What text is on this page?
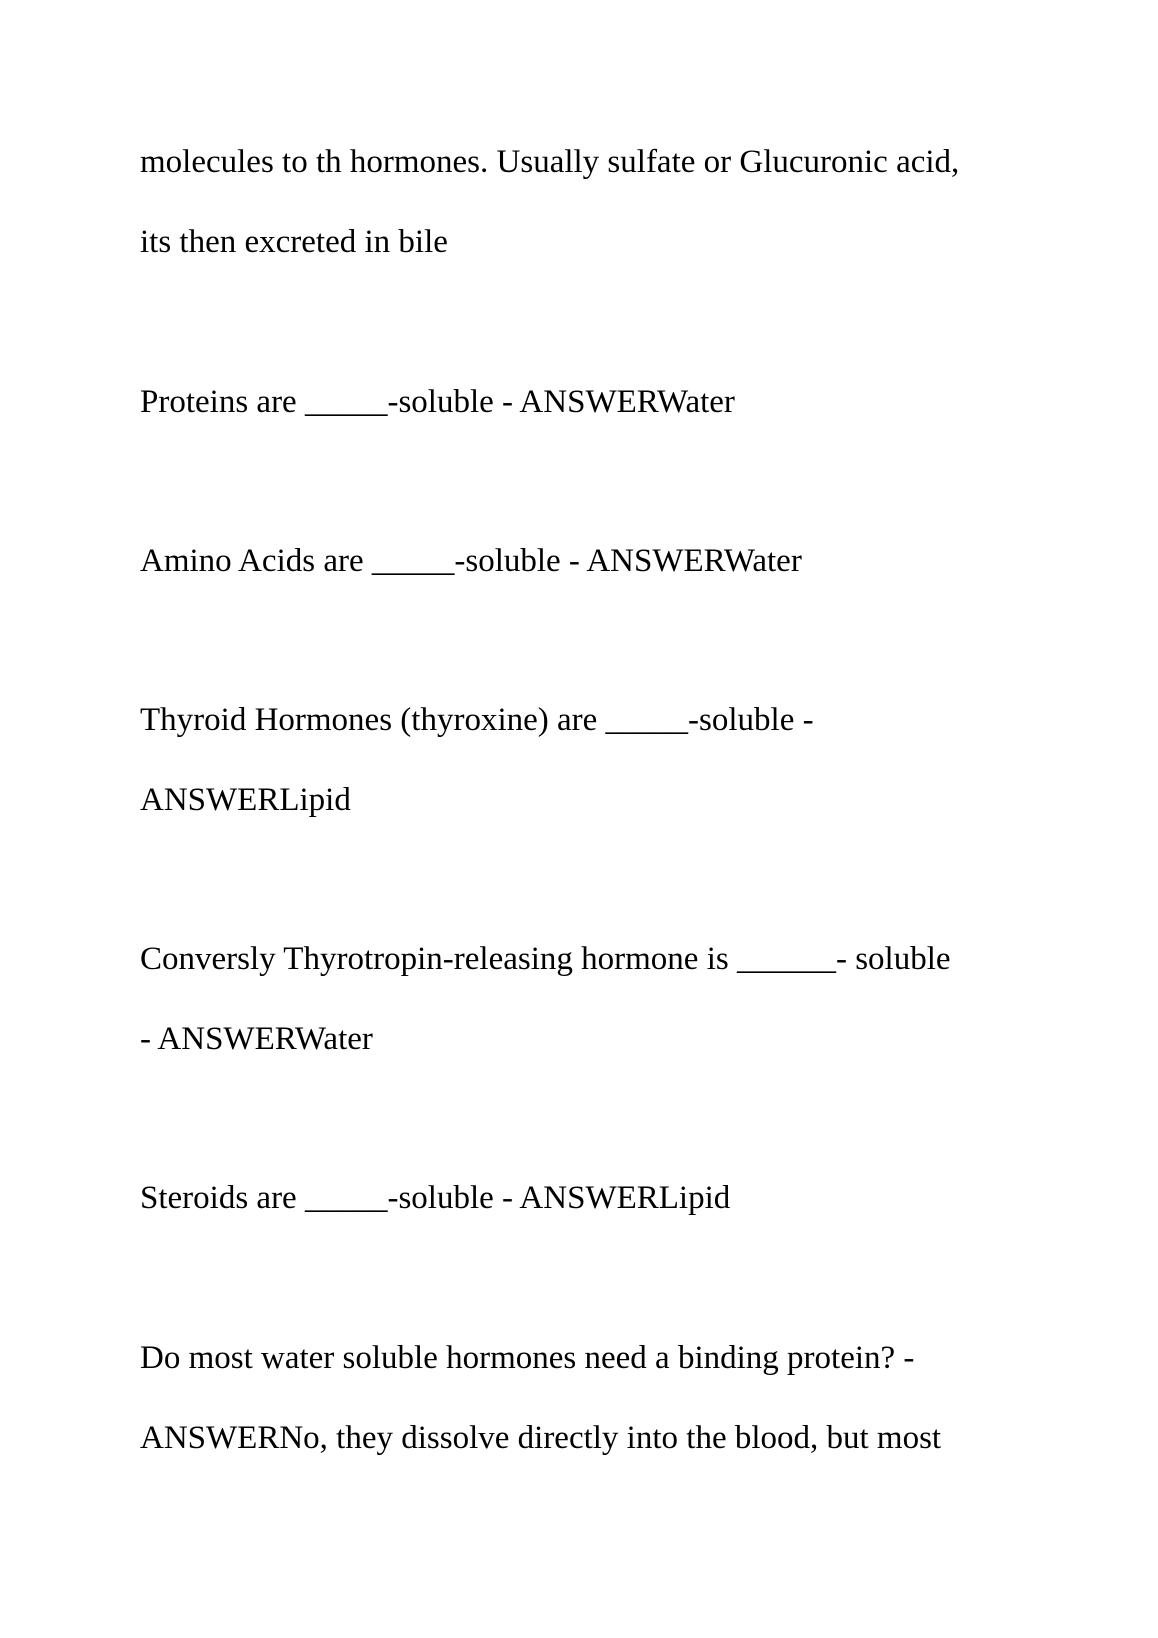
molecules to th hormones. Usually sulfate or Glucuronic acid,

its then excreted in bile

Proteins are _____-soluble - ANSWERWater

Amino Acids are _____-soluble - ANSWERWater

Thyroid Hormones (thyroxine) are _____-soluble -

ANSWERLipid

Conversly Thyrotropin-releasing hormone is ______- soluble

- ANSWERWater

Steroids are _____-soluble - ANSWERLipid

Do most water soluble hormones need a binding protein? -

ANSWERNo, they dissolve directly into the blood, but most
